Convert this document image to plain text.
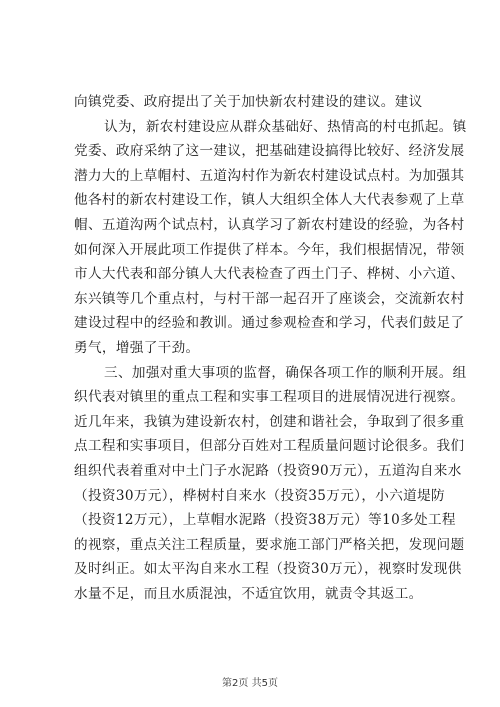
向镇党委、政府提出了关于加快新农村建设的建议。建议
认为，新农村建设应从群众基础好、热情高的村屯抓起。镇
党委、政府采纳了这一建议，把基础建设搞得比较好、经济发展
潜力大的上草帽村、五道沟村作为新农村建设试点村。为加强其
他各村的新农村建设工作，镇人大组织全体人大代表参观了上草
帽、五道沟两个试点村，认真学习了新农村建设的经验，为各村
如何深入开展此项工作提供了样本。今年，我们根据情况，带领
市人大代表和部分镇人大代表检查了西土门子、桦树、小六道、
东兴镇等几个重点村，与村干部一起召开了座谈会，交流新农村
建设过程中的经验和教训。通过参观检查和学习，代表们鼓足了
勇气，增强了干劲。
三、加强对重大事项的监督，确保各项工作的顺利开展。组
织代表对镇里的重点工程和实事工程项目的进展情况进行视察。
近几年来，我镇为建设新农村，创建和谐社会，争取到了很多重
点工程和实事项目，但部分百姓对工程质量问题讨论很多。我们
组织代表着重对中土门子水泥路（投资90万元），五道沟自来水
（投资30万元），桦树村自来水（投资35万元），小六道堤防
（投资12万元），上草帽水泥路（投资38万元）等10多处工程
的视察，重点关注工程质量，要求施工部门严格关把，发现问题
及时纠正。如太平沟自来水工程（投资30万元），视察时发现供
水量不足，而且水质混浊，不适宜饮用，就责令其返工。
第2页 共5页
